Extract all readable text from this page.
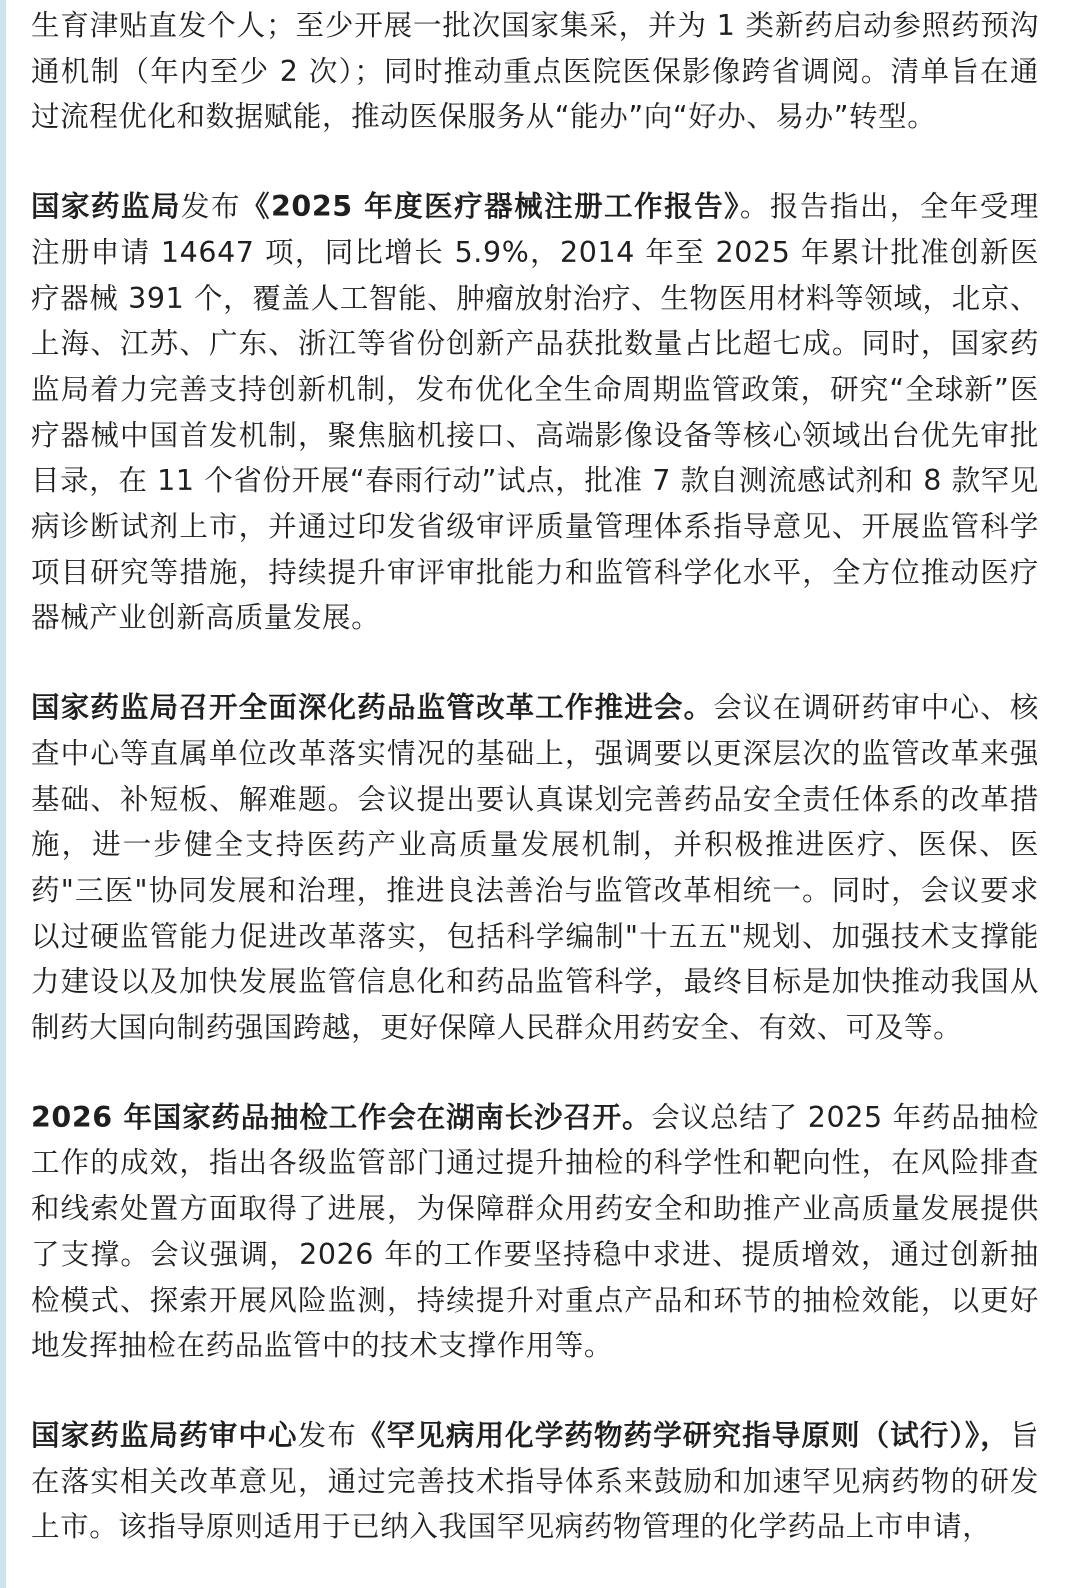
生育津贴直发个人；至少开展一批次国家集采，并为 1 类新药启动参照药预沟通机制（年内至少 2 次）；同时推动重点医院医保影像跨省调阅。清单旨在通过流程优化和数据赋能，推动医保服务从“能办”向“好办、易办”转型。

国家药监局发布《2025 年度医疗器械注册工作报告》。报告指出，全年受理注册申请 14647 项，同比增长 5.9%，2014 年至 2025 年累计批准创新医疗器械 391 个，覆盖人工智能、肿瘤放射治疗、生物医用材料等领域，北京、上海、江苏、广东、浙江等省份创新产品获批数量占比超七成。同时，国家药监局着力完善支持创新机制，发布优化全生命周期监管政策，研究“全球新”医疗器械中国首发机制，聚焦脑机接口、高端影像设备等核心领域出台优先审批目录，在 11 个省份开展“春雨行动”试点，批准 7 款自测流感试剂和 8 款罕见病诊断试剂上市，并通过印发省级审评质量管理体系指导意见、开展监管科学项目研究等措施，持续提升审评审批能力和监管科学化水平，全方位推动医疗器械产业创新高质量发展。

国家药监局召开全面深化药品监管改革工作推进会。会议在调研药审中心、核查中心等直属单位改革落实情况的基础上，强调要以更深层次的监管改革来强基础、补短板、解难题。会议提出要认真谋划完善药品安全责任体系的改革措施，进一步健全支持医药产业高质量发展机制，并积极推进医疗、医保、医药"三医"协同发展和治理，推进良法善治与监管改革相统一。同时，会议要求以过硬监管能力促进改革落实，包括科学编制"十五五"规划、加强技术支撑能力建设以及加快发展监管信息化和药品监管科学，最终目标是加快推动我国从制药大国向制药强国跨越，更好保障人民群众用药安全、有效、可及等。

2026 年国家药品抽检工作会在湖南长沙召开。会议总结了 2025 年药品抽检工作的成效，指出各级监管部门通过提升抽检的科学性和靶向性，在风险排查和线索处置方面取得了进展，为保障群众用药安全和助推产业高质量发展提供了支撑。会议强调，2026 年的工作要坚持稳中求进、提质增效，通过创新抽检模式、探索开展风险监测，持续提升对重点产品和环节的抽检效能，以更好地发挥抽检在药品监管中的技术支撑作用等。

国家药监局药审中心发布《罕见病用化学药物药学研究指导原则（试行）》，旨在落实相关改革意见，通过完善技术指导体系来鼓励和加速罕见病药物的研发上市。该指导原则适用于已纳入我国罕见病药物管理的化学药品上市申请，
